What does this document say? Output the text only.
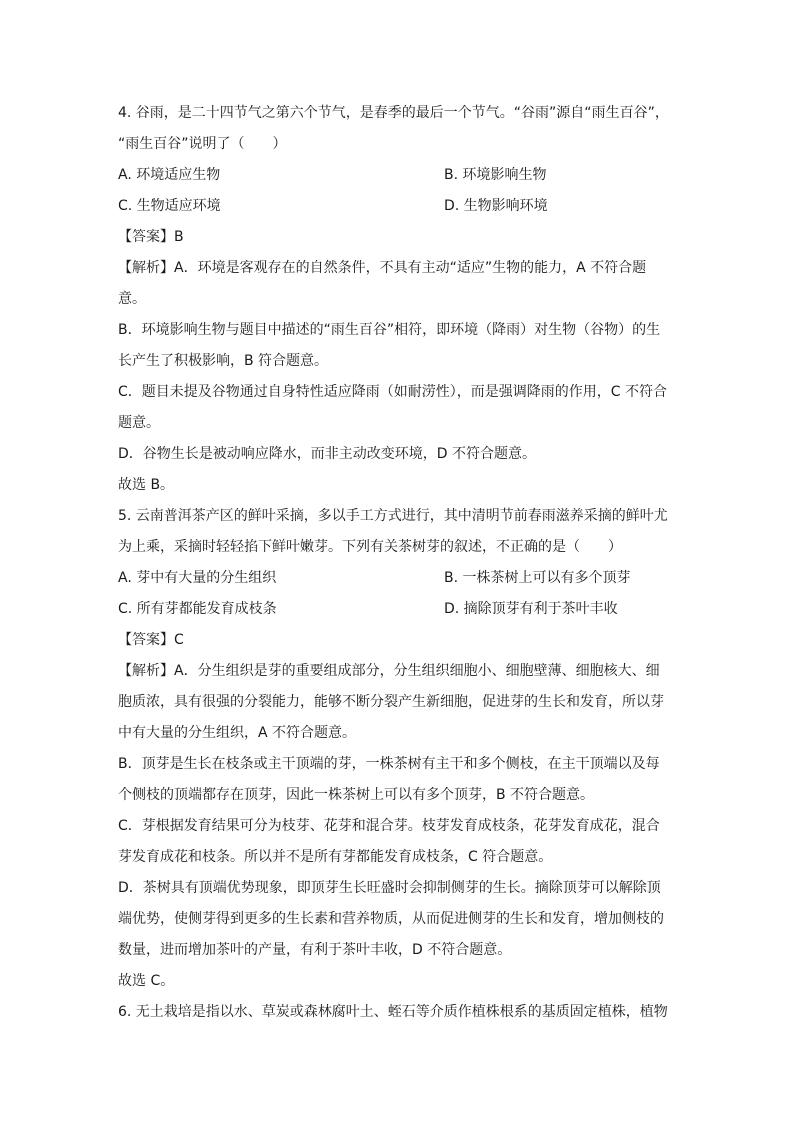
4. 谷雨，是二十四节气之第六个节气，是春季的最后一个节气。“谷雨”源自“雨生百谷”，
“雨生百谷”说明了（　　）
A. 环境适应生物	B. 环境影响生物
C. 生物适应环境	D. 生物影响环境
【答案】B
【解析】A．环境是客观存在的自然条件，不具有主动“适应”生物的能力，A 不符合题
意。
B．环境影响生物与题目中描述的“雨生百谷”相符，即环境（降雨）对生物（谷物）的生
长产生了积极影响，B 符合题意。
C．题目未提及谷物通过自身特性适应降雨（如耐涝性），而是强调降雨的作用，C 不符合
题意。
D．谷物生长是被动响应降水，而非主动改变环境，D 不符合题意。
故选 B。
5. 云南普洱茶产区的鲜叶采摘，多以手工方式进行，其中清明节前春雨滋养采摘的鲜叶尤
为上乘，采摘时轻轻掐下鲜叶嫩芽。下列有关茶树芽的叙述，不正确的是（　　）
A. 芽中有大量的分生组织	B. 一株茶树上可以有多个顶芽
C. 所有芽都能发育成枝条	D. 摘除顶芽有利于茶叶丰收
【答案】C
【解析】A．分生组织是芽的重要组成部分，分生组织细胞小、细胞壁薄、细胞核大、细
胞质浓，具有很强的分裂能力，能够不断分裂产生新细胞，促进芽的生长和发育，所以芽
中有大量的分生组织，A 不符合题意。
B．顶芽是生长在枝条或主干顶端的芽，一株茶树有主干和多个侧枝，在主干顶端以及每
个侧枝的顶端都存在顶芽，因此一株茶树上可以有多个顶芽，B 不符合题意。
C．芽根据发育结果可分为枝芽、花芽和混合芽。枝芽发育成枝条，花芽发育成花，混合
芽发育成花和枝条。所以并不是所有芽都能发育成枝条，C 符合题意。
D．茶树具有顶端优势现象，即顶芽生长旺盛时会抑制侧芽的生长。摘除顶芽可以解除顶
端优势，使侧芽得到更多的生长素和营养物质，从而促进侧芽的生长和发育，增加侧枝的
数量，进而增加茶叶的产量，有利于茶叶丰收，D 不符合题意。
故选 C。
6. 无土栽培是指以水、草炭或森林腐叶土、蛭石等介质作植株根系的基质固定植株，植物
